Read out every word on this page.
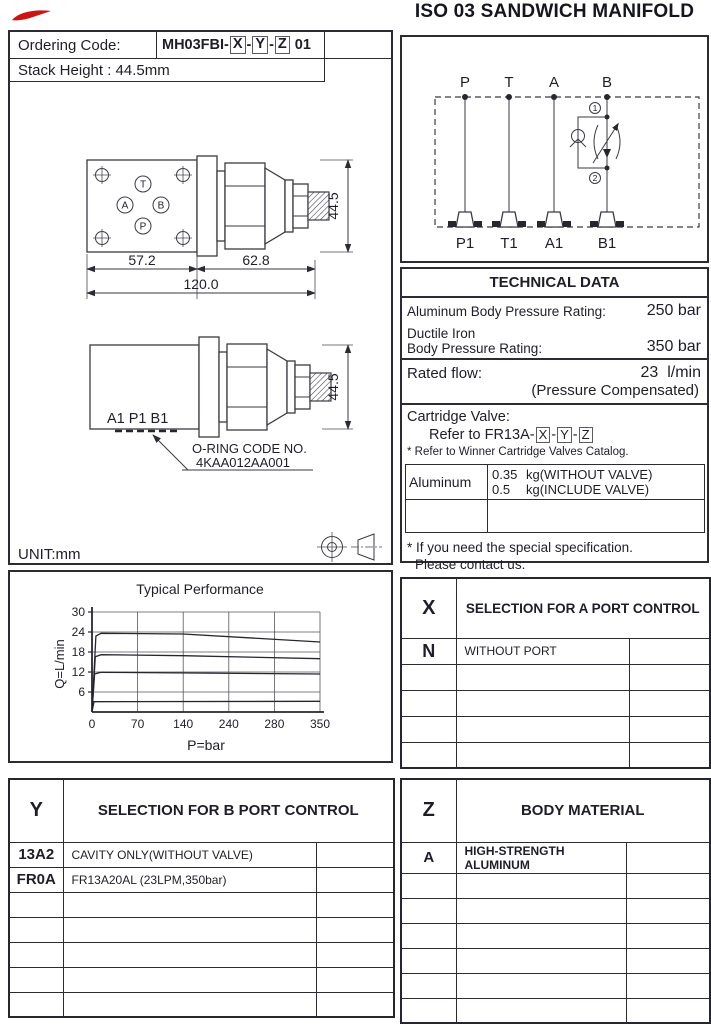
ISO 03 SANDWICH MANIFOLD
Ordering Code:	MH03FBI- X - Y - Z
01
Stack Height : 44.5mm
T
A	B
P
57.2	62.8
120.0
44.5
A1 P1 B1
O-RING CODE NO.
4KAA012AA001
44.5
UNIT:mm
P T A	B
1
2
P1 T1 A1 B1
TECHNICAL DATA
Aluminum Body Pressure Rating:	250 bar
Ductile Iron
Body Pressure Rating:	350 bar
Rated flow:	23 l/min
(Pressure Compensated)
Cartridge Valve:
Refer to FR13A- X - Y - Z
* Refer to Winner Cartridge Valves Catalog.
Aluminum	0.35 kg(WITHOUT VALVE)
0.5 kg(INCLUDE VALVE)

* If you need the special specification.
Please contact us.
Typical Performance
Q=L/min
P=bar
6
12
18
24
30
0	70 140 240 280 350
X	SELECTION FOR A PORT CONTROL	
N	WITHOUT PORT	

Y	SELECTION FOR B PORT CONTROL	
13A2	CAVITY ONLY(WITHOUT VALVE)	
FR0A	FR13A20AL (23LPM,350bar)	

Z	BODY MATERIAL	
A	HIGH-STRENGTH ALUMINUM	
